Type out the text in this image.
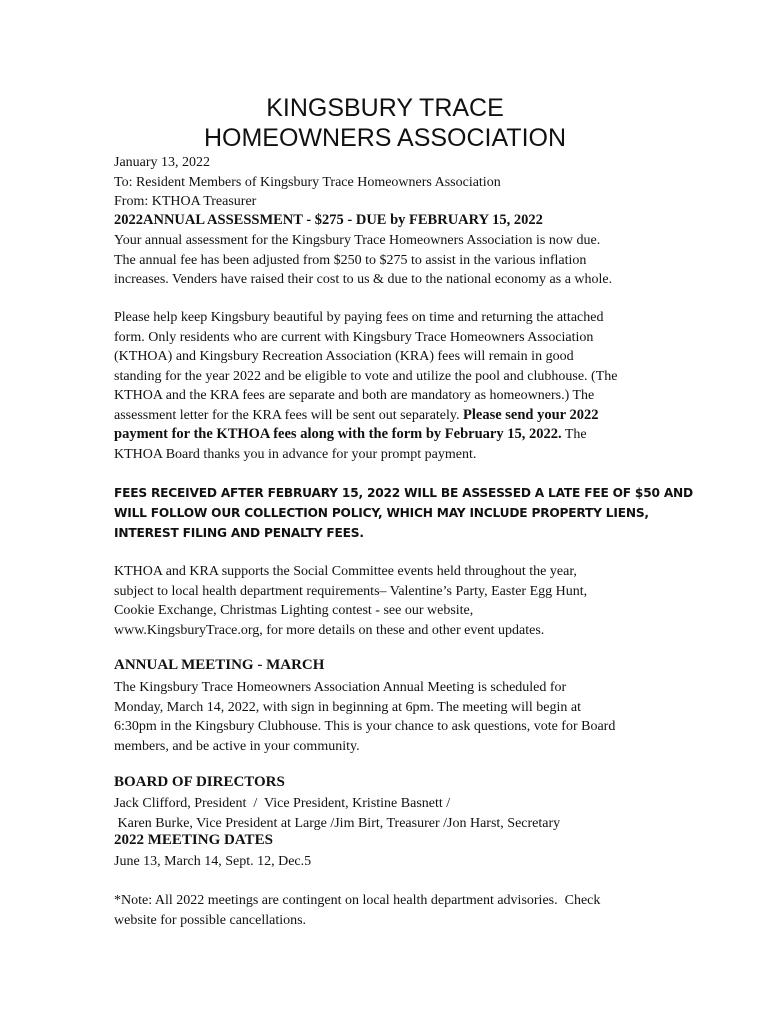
KINGSBURY TRACE
HOMEOWNERS ASSOCIATION
January 13, 2022
To: Resident Members of Kingsbury Trace Homeowners Association
From: KTHOA Treasurer
2022ANNUAL ASSESSMENT - $275 - DUE by FEBRUARY 15, 2022
Your annual assessment for the Kingsbury Trace Homeowners Association is now due.
The annual fee has been adjusted from $250 to $275 to assist in the various inflation
increases. Venders have raised their cost to us & due to the national economy as a whole.
Please help keep Kingsbury beautiful by paying fees on time and returning the attached
form. Only residents who are current with Kingsbury Trace Homeowners Association
(KTHOA) and Kingsbury Recreation Association (KRA) fees will remain in good
standing for the year 2022 and be eligible to vote and utilize the pool and clubhouse. (The
KTHOA and the KRA fees are separate and both are mandatory as homeowners.) The
assessment letter for the KRA fees will be sent out separately. Please send your 2022
payment for the KTHOA fees along with the form by February 15, 2022. The
KTHOA Board thanks you in advance for your prompt payment.
FEES RECEIVED AFTER FEBRUARY 15, 2022 WILL BE ASSESSED A LATE FEE OF $50 AND
WILL FOLLOW OUR COLLECTION POLICY, WHICH MAY INCLUDE PROPERTY LIENS,
INTEREST FILING AND PENALTY FEES.
KTHOA and KRA supports the Social Committee events held throughout the year,
subject to local health department requirements– Valentine’s Party, Easter Egg Hunt,
Cookie Exchange, Christmas Lighting contest - see our website,
www.KingsburyTrace.org, for more details on these and other event updates.
ANNUAL MEETING - MARCH
The Kingsbury Trace Homeowners Association Annual Meeting is scheduled for
Monday, March 14, 2022, with sign in beginning at 6pm. The meeting will begin at
6:30pm in the Kingsbury Clubhouse. This is your chance to ask questions, vote for Board
members, and be active in your community.
BOARD OF DIRECTORS
Jack Clifford, President  /  Vice President, Kristine Basnett /
Karen Burke, Vice President at Large /Jim Birt, Treasurer /Jon Harst, Secretary
2022 MEETING DATES
June 13, March 14, Sept. 12, Dec.5
*Note: All 2022 meetings are contingent on local health department advisories.  Check
website for possible cancellations.
